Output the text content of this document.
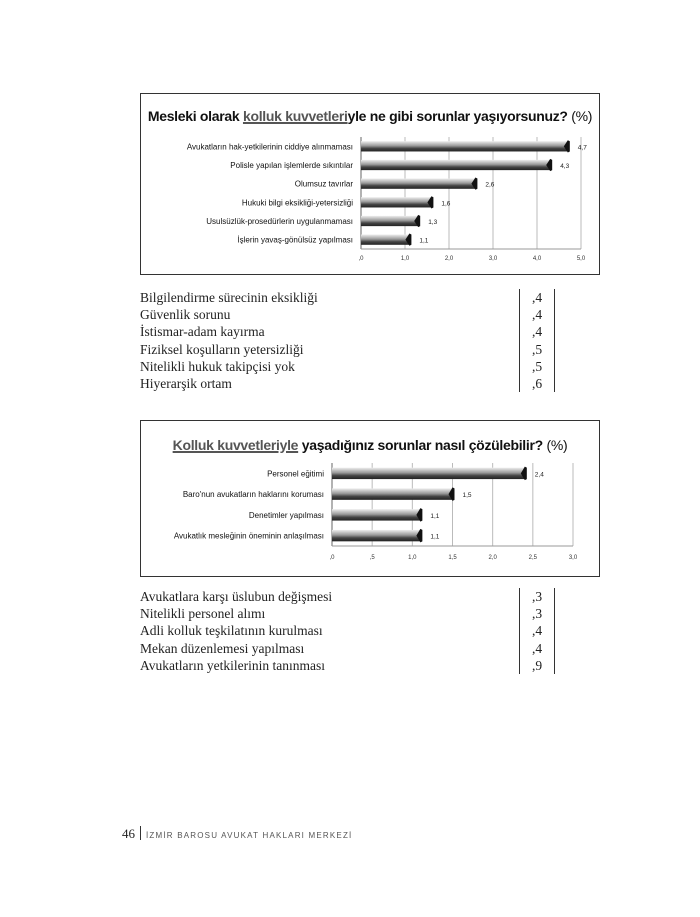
Mesleki olarak kolluk kuvvetleriyle ne gibi sorunlar yaşıyorsunuz? (%)
,0	1,0	2,0	3,0	4,0	5,0
Avukatların hak-yetkilerinin ciddiye alınmaması	4,7
Polisle yapılan işlemlerde sıkıntılar	4,3
Olumsuz tavırlar	2,6
Hukuki bilgi eksikliği-yetersizliği	1,6
Usulsüzlük-prosedürlerin uygulanmaması	1,3
İşlerin yavaş-gönülsüz yapılması	1,1
Bilgilendirme sürecinin eksikliği	,4
Güvenlik sorunu	,4
İstismar-adam kayırma	,4
Fiziksel koşulların yetersizliği	,5
Nitelikli hukuk takipçisi yok	,5
Hiyerarşik ortam	,6
Kolluk kuvvetleriyle yaşadığınız sorunlar nasıl çözülebilir? (%)
,0	,5	1,0	1,5	2,0	2,5	3,0
Personel eğitimi	2,4
Baro'nun avukatların haklarını koruması	1,5
Denetimler yapılması	1,1
Avukatlık mesleğinin öneminin anlaşılması	1,1
Avukatlara karşı üslubun değişmesi	,3
Nitelikli personel alımı	,3
Adli kolluk teşkilatının kurulması	,4
Mekan düzenlemesi yapılması	,4
Avukatların yetkilerinin tanınması	,9
46 İZMİR BAROSU AVUKAT HAKLARI MERKEZİ
